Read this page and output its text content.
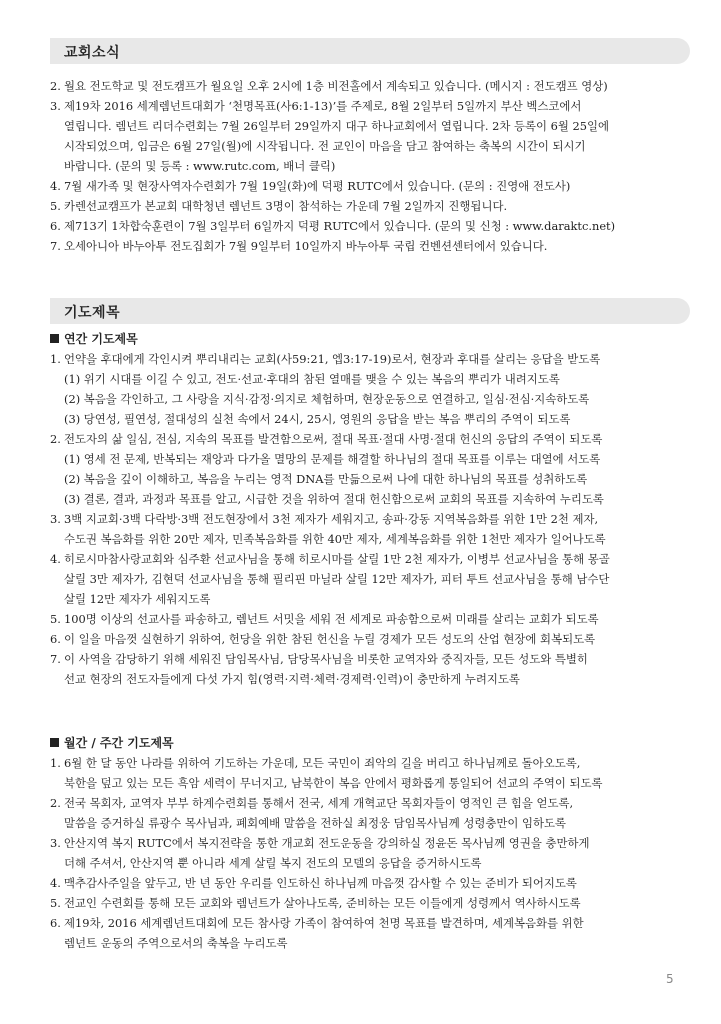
교회소식
2. 월요 전도학교 및 전도캠프가 월요일 오후 2시에 1층 비전홀에서 계속되고 있습니다. (메시지 : 전도캠프 영상)
3. 제19차 2016 세계렘넌트대회가 ‘천명목표(사6:1-13)’를 주제로, 8월 2일부터 5일까지 부산 벡스코에서
열립니다. 렘넌트 리더수련회는 7월 26일부터 29일까지 대구 하나교회에서 열립니다. 2차 등록이 6월 25일에
시작되었으며, 입금은 6월 27일(월)에 시작됩니다. 전 교인이 마음을 담고 참여하는 축복의 시간이 되시기
바랍니다. (문의 및 등록 : www.rutc.com, 배너 클릭)
4. 7월 새가족 및 현장사역자수련회가 7월 19일(화)에 덕평 RUTC에서 있습니다. (문의 : 진영애 전도사)
5. 카렌선교캠프가 본교회 대학청년 렘넌트 3명이 참석하는 가운데 7월 2일까지 진행됩니다.
6. 제713기 1차합숙훈련이 7월 3일부터 6일까지 덕평 RUTC에서 있습니다. (문의 및 신청 : www.daraktc.net)
7. 오세아니아 바누아투 전도집회가 7월 9일부터 10일까지 바누아투 국립 컨벤션센터에서 있습니다.
기도제목
연간 기도제목
1. 언약을 후대에게 각인시켜 뿌리내리는 교회(사59:21, 엡3:17-19)로서, 현장과 후대를 살리는 응답을 받도록
(1) 위기 시대를 이길 수 있고, 전도·선교·후대의 참된 열매를 맺을 수 있는 복음의 뿌리가 내려지도록
(2) 복음을 각인하고, 그 사랑을 지식·감정·의지로 체험하며, 현장운동으로 연결하고, 일심·전심·지속하도록
(3) 당연성, 필연성, 절대성의 실천 속에서 24시, 25시, 영원의 응답을 받는 복음 뿌리의 주역이 되도록
2. 전도자의 삶 일심, 전심, 지속의 목표를 발견함으로써, 절대 목표·절대 사명·절대 헌신의 응답의 주역이 되도록
(1) 영세 전 문제, 반복되는 재앙과 다가올 멸망의 문제를 해결할 하나님의 절대 목표를 이루는 대열에 서도록
(2) 복음을 깊이 이해하고, 복음을 누리는 영적 DNA를 만듦으로써 나에 대한 하나님의 목표를 성취하도록
(3) 결론, 결과, 과정과 목표를 알고, 시급한 것을 위하여 절대 헌신함으로써 교회의 목표를 지속하여 누리도록
3. 3백 지교회·3백 다락방·3백 전도현장에서 3천 제자가 세워지고, 송파·강동 지역복음화를 위한 1만 2천 제자,
수도권 복음화를 위한 20만 제자, 민족복음화를 위한 40만 제자, 세계복음화를 위한 1천만 제자가 일어나도록
4. 히로시마참사랑교회와 심주환 선교사님을 통해 히로시마를 살릴 1만 2천 제자가, 이병부 선교사님을 통해 몽골
살릴 3만 제자가, 김현덕 선교사님을 통해 필리핀 마닐라 살릴 12만 제자가, 피터 투트 선교사님을 통해 남수단
살릴 12만 제자가 세워지도록
5. 100명 이상의 선교사를 파송하고, 렘넌트 서밋을 세워 전 세계로 파송함으로써 미래를 살리는 교회가 되도록
6. 이 일을 마음껏 실현하기 위하여, 헌당을 위한 참된 헌신을 누릴 경제가 모든 성도의 산업 현장에 회복되도록
7. 이 사역을 감당하기 위해 세워진 담임목사님, 담당목사님을 비롯한 교역자와 중직자들, 모든 성도와 특별히
선교 현장의 전도자들에게 다섯 가지 힘(영력·지력·체력·경제력·인력)이 충만하게 누려지도록
월간 / 주간 기도제목
1. 6월 한 달 동안 나라를 위하여 기도하는 가운데, 모든 국민이 죄악의 길을 버리고 하나님께로 돌아오도록,
북한을 덮고 있는 모든 흑암 세력이 무너지고, 남북한이 복음 안에서 평화롭게 통일되어 선교의 주역이 되도록
2. 전국 목회자, 교역자 부부 하계수련회를 통해서 전국, 세계 개혁교단 목회자들이 영적인 큰 힘을 얻도록,
말씀을 증거하실 류광수 목사님과, 폐회예배 말씀을 전하실 최정웅 담임목사님께 성령충만이 임하도록
3. 안산지역 복지 RUTC에서 복지전략을 통한 개교회 전도운동을 강의하실 정윤돈 목사님께 영권을 충만하게
더해 주셔서, 안산지역 뿐 아니라 세계 살릴 복지 전도의 모델의 응답을 증거하시도록
4. 맥추감사주일을 앞두고, 반 년 동안 우리를 인도하신 하나님께 마음껏 감사할 수 있는 준비가 되어지도록
5. 전교인 수련회를 통해 모든 교회와 렘넌트가 살아나도록, 준비하는 모든 이들에게 성령께서 역사하시도록
6. 제19차, 2016 세계렘넌트대회에 모든 참사랑 가족이 참여하여 천명 목표를 발견하며, 세계복음화를 위한
렘넌트 운동의 주역으로서의 축복을 누리도록
5
